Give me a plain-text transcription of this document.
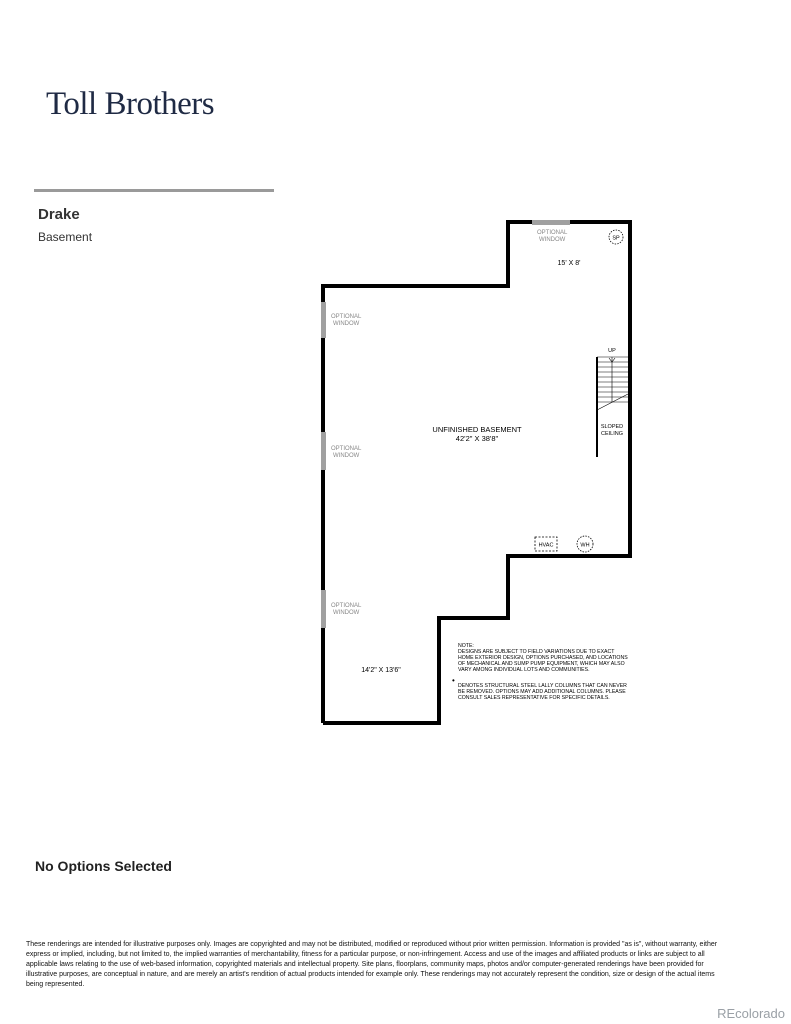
Toll Brothers
Drake
Basement
OPTIONAL
WINDOW
OPTIONAL
WINDOW
OPTIONAL
WINDOW
OPTIONAL
WINDOW	SP
15' X 8'
UP
SLOPED
CEILING
UNFINISHED BASEMENT
42'2" X 38'8"
HVAC	WH
14'2" X 13'6"
NOTE:
DESIGNS ARE SUBJECT TO FIELD VARIATIONS DUE TO EXACT
HOME EXTERIOR DESIGN, OPTIONS PURCHASED, AND LOCATIONS
OF MECHANICAL AND SUMP PUMP EQUIPMENT, WHICH MAY ALSO
VARY AMONG INDIVIDUAL LOTS AND COMMUNITIES.
•
DENOTES STRUCTURAL STEEL LALLY COLUMNS THAT CAN NEVER
BE REMOVED. OPTIONS MAY ADD ADDITIONAL COLUMNS. PLEASE
CONSULT SALES REPRESENTATIVE FOR SPECIFIC DETAILS.
No Options Selected
These renderings are intended for illustrative purposes only. Images are copyrighted and may not be distributed, modified or reproduced without prior written permission. Information is provided "as is", without warranty, either express or implied, including, but not limited to, the implied warranties of merchantability, fitness for a particular purpose, or non-infringement. Access and use of the images and affiliated products or links are subject to all applicable laws relating to the use of web-based information, copyrighted materials and intellectual property. Site plans, floorplans, community maps, photos and/or computer-generated renderings have been provided for illustrative purposes, are conceptual in nature, and are merely an artist's rendition of actual products intended for example only. These renderings may not accurately represent the condition, size or design of the actual items being represented.
REcolorado
